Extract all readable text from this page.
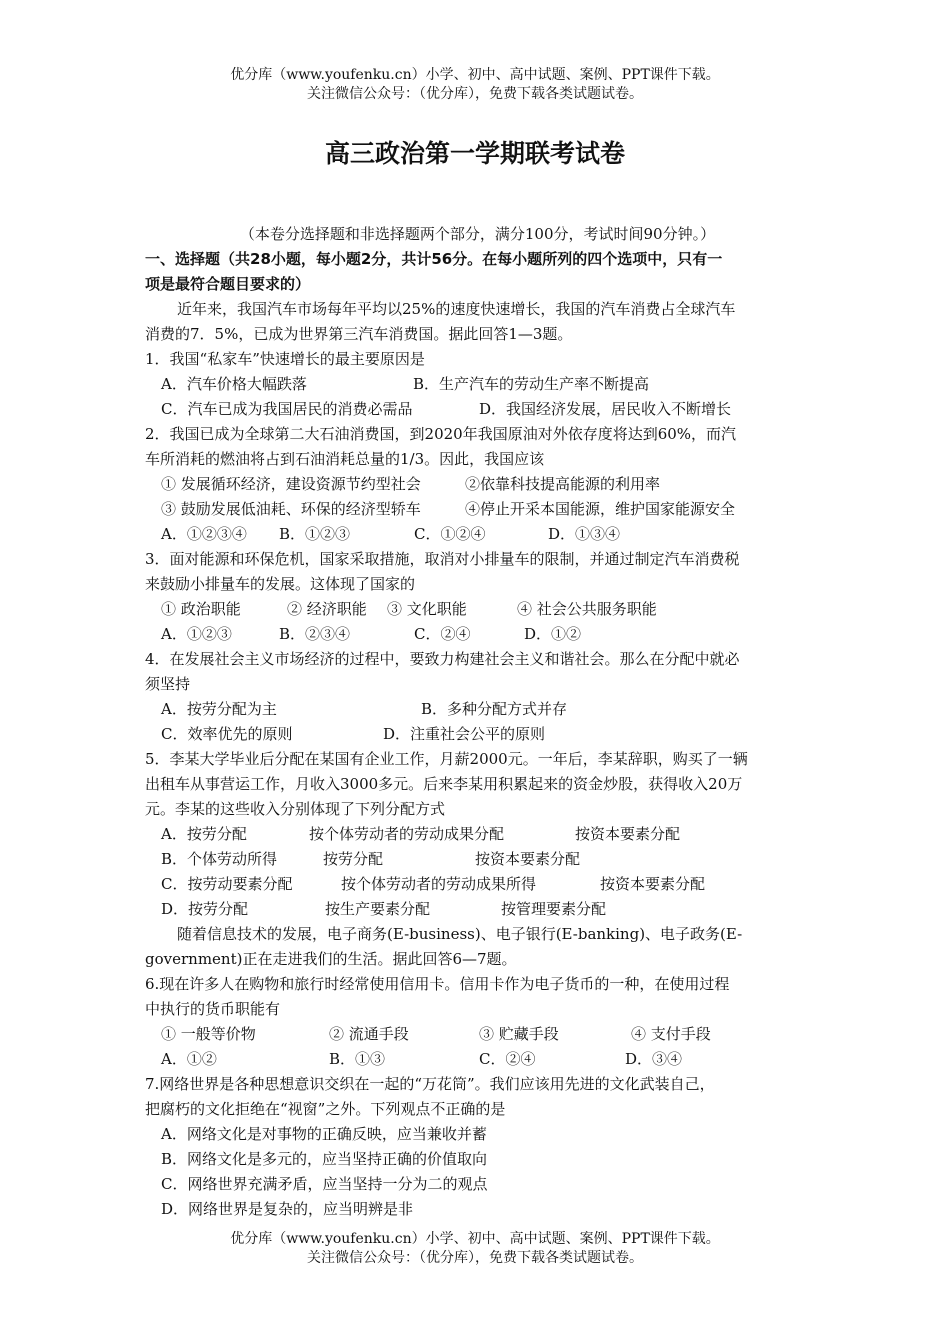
优分库（www.youfenku.cn）小学、初中、高中试题、案例、PPT课件下载。
关注微信公众号：（优分库），免费下载各类试题试卷。
高三政治第一学期联考试卷
（本卷分选择题和非选择题两个部分，满分100分，考试时间90分钟。）
一、选择题（共28小题，每小题2分，共计56分。在每小题所列的四个选项中，只有一
项是最符合题目要求的）
近年来，我国汽车市场每年平均以25%的速度快速增长，我国的汽车消费占全球汽车
消费的7．5%，已成为世界第三汽车消费国。据此回答1—3题。
1．我国“私家车”快速增长的最主要原因是
A．汽车价格大幅跌落	B．生产汽车的劳动生产率不断提高
C．汽车已成为我国居民的消费必需品	D．我国经济发展，居民收入不断增长
2．我国已成为全球第二大石油消费国，到2020年我国原油对外依存度将达到60%，而汽
车所消耗的燃油将占到石油消耗总量的1/3。因此，我国应该
① 发展循环经济，建设资源节约型社会	②依靠科技提高能源的利用率
③ 鼓励发展低油耗、环保的经济型轿车	④停止开采本国能源，维护国家能源安全
A．①②③④ B．①②③	C．①②④	D．①③④
3．面对能源和环保危机，国家采取措施，取消对小排量车的限制，并通过制定汽车消费税
来鼓励小排量车的发展。这体现了国家的
① 政治职能	② 经济职能 ③ 文化职能	④ 社会公共服务职能
A．①②③	B．②③④	C．②④	D．①②
4．在发展社会主义市场经济的过程中，要致力构建社会主义和谐社会。那么在分配中就必
须坚持
A．按劳分配为主	B．多种分配方式并存
C．效率优先的原则	D．注重社会公平的原则
5．李某大学毕业后分配在某国有企业工作，月薪2000元。一年后，李某辞职，购买了一辆
出租车从事营运工作，月收入3000多元。后来李某用积累起来的资金炒股，获得收入20万
元。李某的这些收入分别体现了下列分配方式
A．按劳分配	按个体劳动者的劳动成果分配	按资本要素分配
B．个体劳动所得	按劳分配	按资本要素分配
C．按劳动要素分配	按个体劳动者的劳动成果所得	按资本要素分配
D．按劳分配	按生产要素分配	按管理要素分配
随着信息技术的发展，电子商务(E-business)、电子银行(E-banking)、电子政务(E-
government)正在走进我们的生活。据此回答6—7题。
6.现在许多人在购物和旅行时经常使用信用卡。信用卡作为电子货币的一种，在使用过程
中执行的货币职能有
① 一般等价物	② 流通手段	③ 贮藏手段	④ 支付手段
A．①②	B．①③	C．②④	D．③④
7.网络世界是各种思想意识交织在一起的“万花筒”。我们应该用先进的文化武装自己，
把腐朽的文化拒绝在“视窗”之外。下列观点不正确的是
A．网络文化是对事物的正确反映，应当兼收并蓄
B．网络文化是多元的，应当坚持正确的价值取向
C．网络世界充满矛盾，应当坚持一分为二的观点
D．网络世界是复杂的，应当明辨是非
优分库（www.youfenku.cn）小学、初中、高中试题、案例、PPT课件下载。
关注微信公众号：（优分库），免费下载各类试题试卷。
